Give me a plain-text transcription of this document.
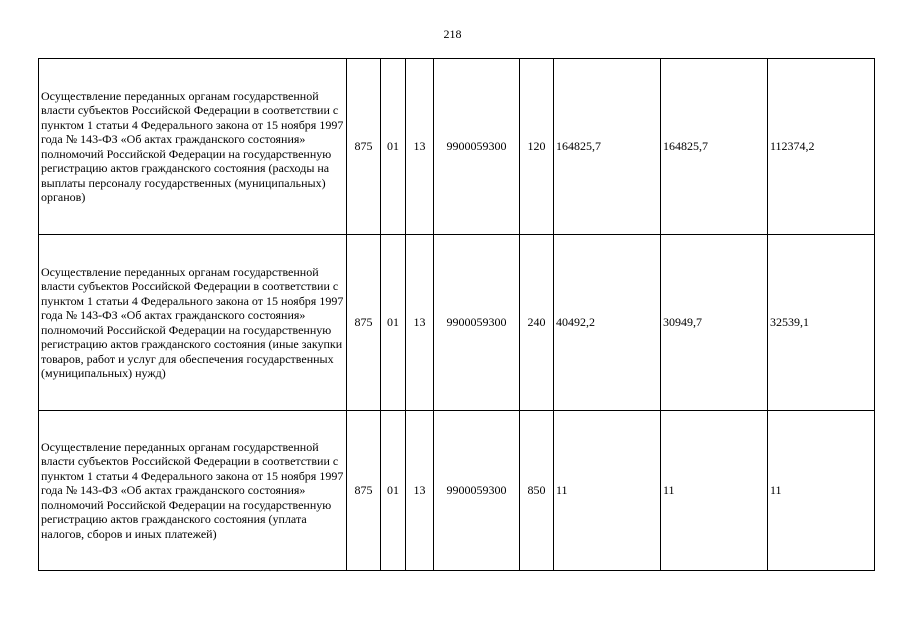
218
Осуществление переданных органам государственной власти субъектов Российской Федерации в соответствии с пунктом 1 статьи 4 Федерального закона от 15 ноября 1997 года № 143-ФЗ «Об актах гражданского состояния» полномочий Российской Федерации на государственную регистрацию актов гражданского состояния (расходы на выплаты персоналу государственных (муниципальных) органов)	875	01	13	9900059300	120	164825,7	164825,7	112374,2
Осуществление переданных органам государственной власти субъектов Российской Федерации в соответствии с пунктом 1 статьи 4 Федерального закона от 15 ноября 1997 года № 143-ФЗ «Об актах гражданского состояния» полномочий Российской Федерации на государственную регистрацию актов гражданского состояния (иные закупки товаров, работ и услуг для обеспечения государственных (муниципальных) нужд)	875	01	13	9900059300	240	40492,2	30949,7	32539,1
Осуществление переданных органам государственной власти субъектов Российской Федерации в соответствии с пунктом 1 статьи 4 Федерального закона от 15 ноября 1997 года № 143-ФЗ «Об актах гражданского состояния» полномочий Российской Федерации на государственную регистрацию актов гражданского состояния (уплата налогов, сборов и иных платежей)	875	01	13	9900059300	850	11	11	11
